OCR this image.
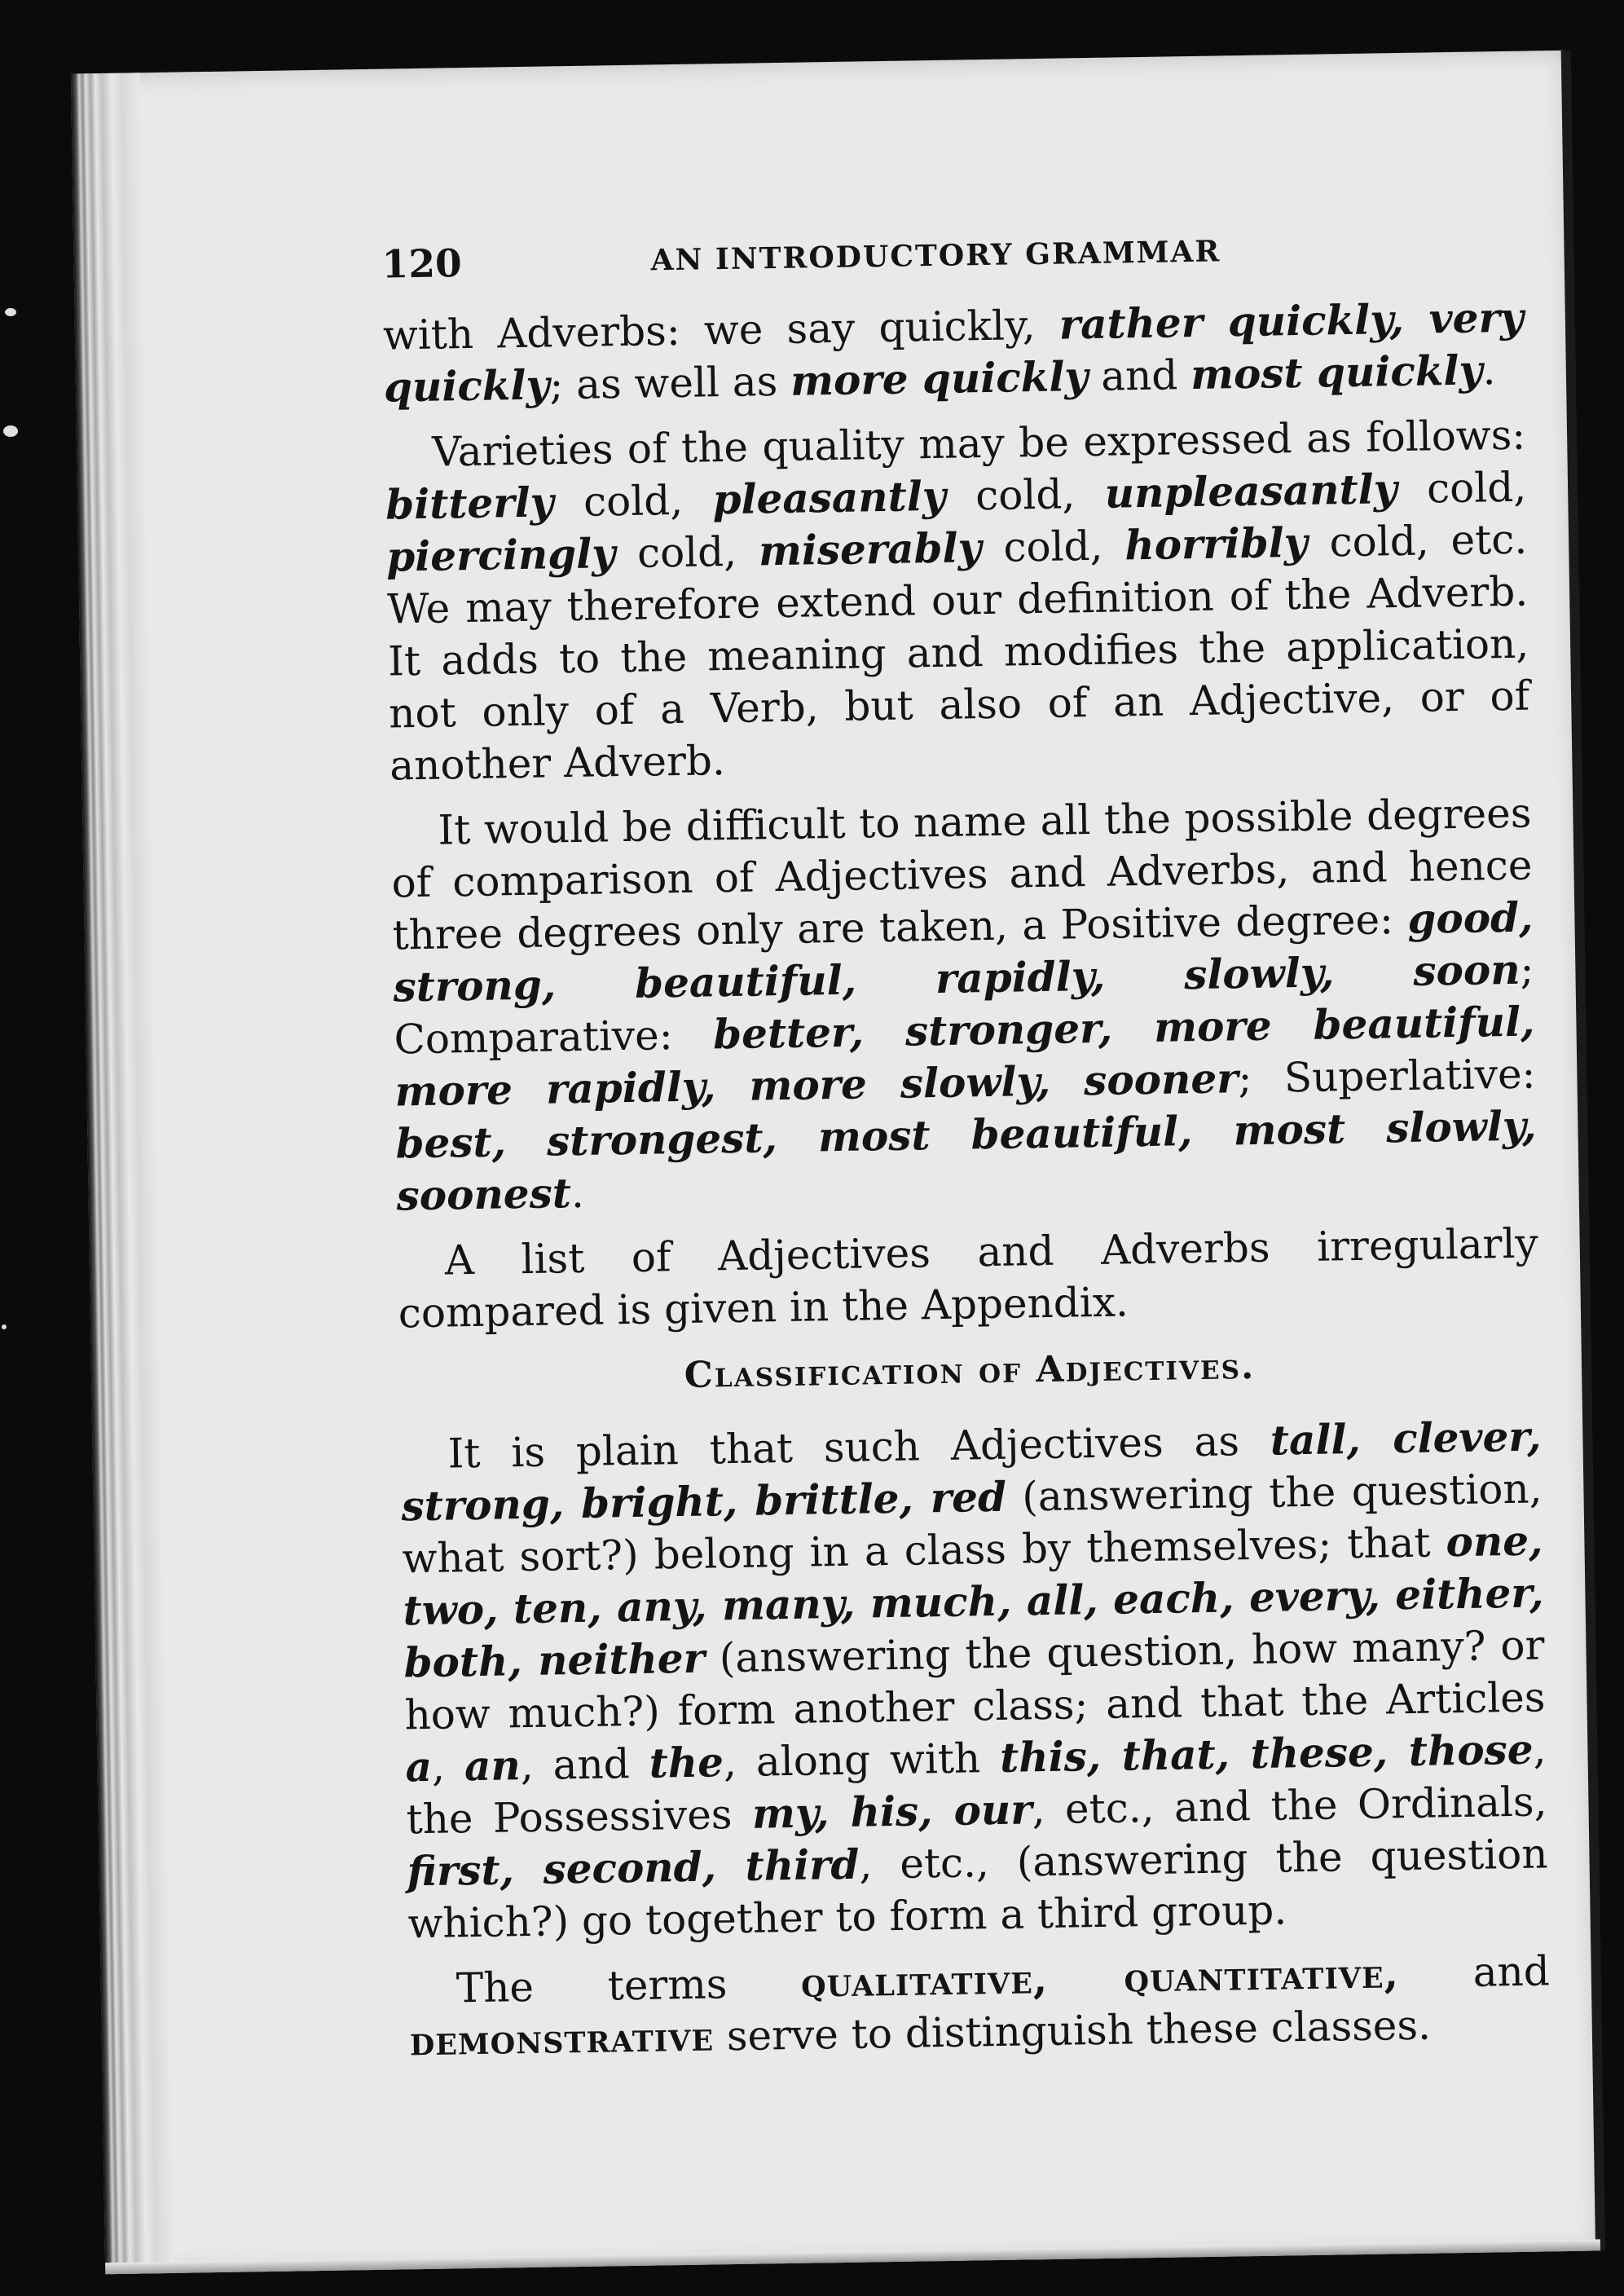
120	AN INTRODUCTORY GRAMMAR

with Adverbs: we say quickly, rather quickly, very quickly; as well as more quickly and most quickly.

Varieties of the quality may be expressed as follows: bitterly cold, pleasantly cold, unpleasantly cold, piercingly cold, miserably cold, horribly cold, etc. We may therefore extend our definition of the Adverb. It adds to the meaning and modifies the application, not only of a Verb, but also of an Adjective, or of another Adverb.

It would be difficult to name all the possible degrees of comparison of Adjectives and Adverbs, and hence three degrees only are taken, a Positive degree: good, strong, beautiful, rapidly, slowly, soon; Comparative: better, stronger, more beautiful, more rapidly, more slowly, sooner; Superlative: best, strongest, most beautiful, most slowly, soonest.

A list of Adjectives and Adverbs irregularly compared is given in the Appendix.

Classification of Adjectives.

It is plain that such Adjectives as tall, clever, strong, bright, brittle, red (answering the question, what sort?) belong in a class by themselves; that one, two, ten, any, many, much, all, each, every, either, both, neither (answering the question, how many? or how much?) form another class; and that the Articles a, an, and the, along with this, that, these, those, the Possessives my, his, our, etc., and the Ordinals, first, second, third, etc., (answering the question which?) go together to form a third group.

The terms qualitative, quantitative, and demonstrative serve to distinguish these classes.
